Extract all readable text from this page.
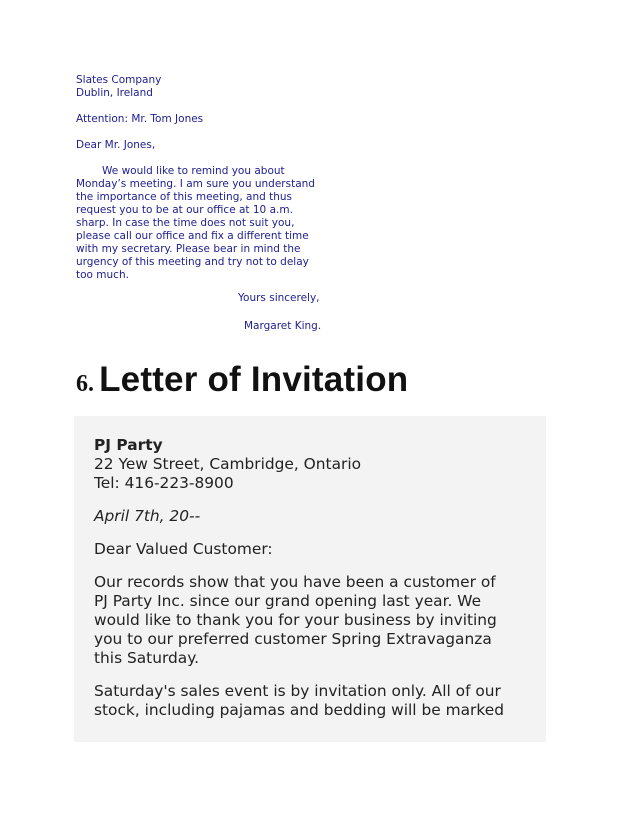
Slates Company
Dublin, Ireland
Attention: Mr. Tom Jones
Dear Mr. Jones,
We would like to remind you about
Monday’s meeting. I am sure you understand
the importance of this meeting, and thus
request you to be at our office at 10 a.m.
sharp. In case the time does not suit you,
please call our office and fix a different time
with my secretary. Please bear in mind the
urgency of this meeting and try not to delay
too much.
Yours sincerely,
Margaret King.
6. Letter of Invitation
PJ Party
22 Yew Street, Cambridge, Ontario
Tel: 416-223-8900
April 7th, 20--
Dear Valued Customer:
Our records show that you have been a customer of
PJ Party Inc. since our grand opening last year. We
would like to thank you for your business by inviting
you to our preferred customer Spring Extravaganza
this Saturday.
Saturday's sales event is by invitation only. All of our
stock, including pajamas and bedding will be marked
